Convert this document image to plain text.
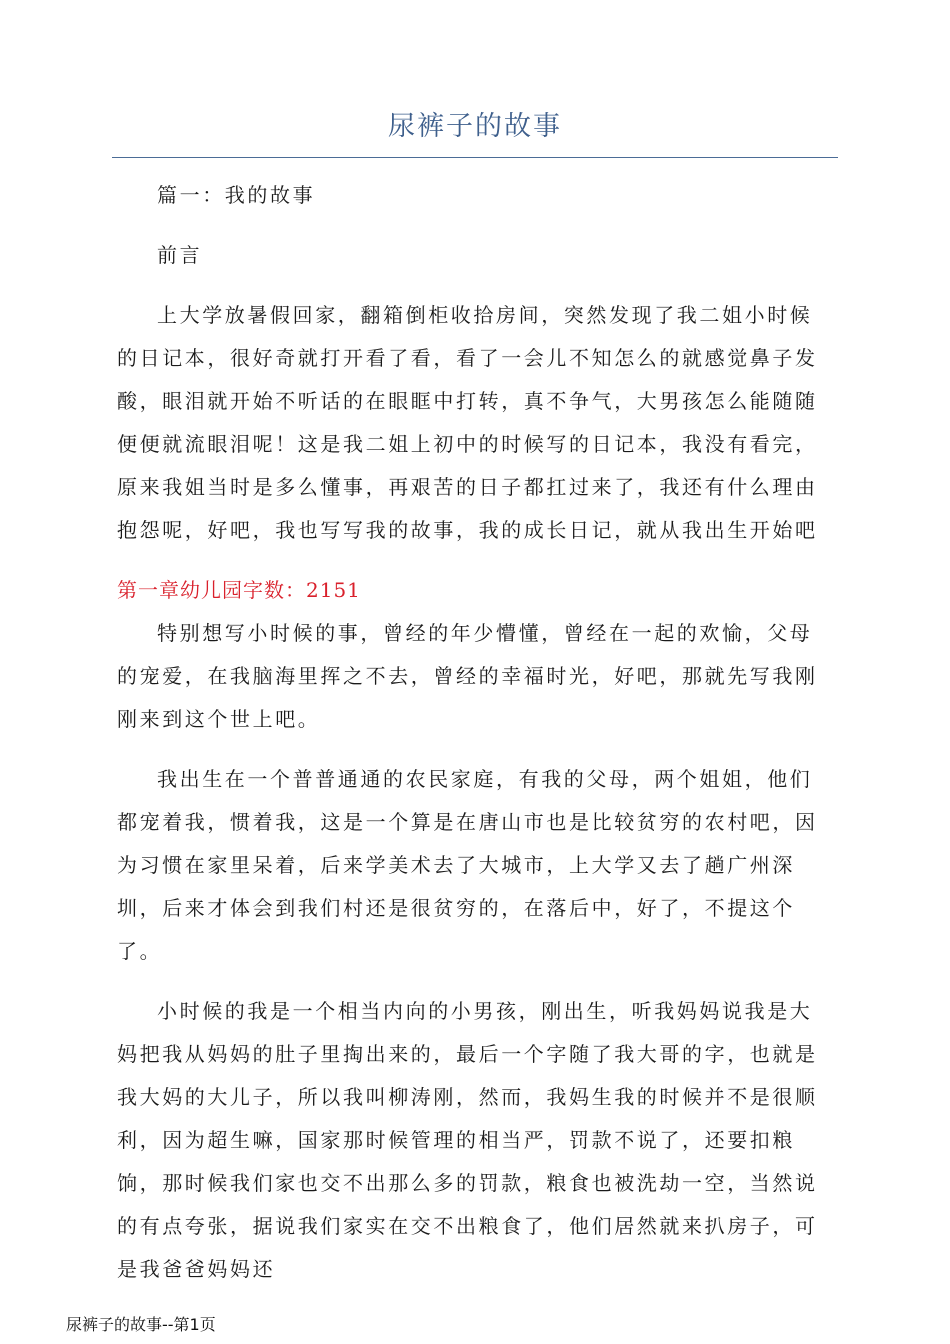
尿裤子的故事

篇一：我的故事

前言

上大学放暑假回家，翻箱倒柜收拾房间，突然发现了我二姐小时候的日记本，很好奇就打开看了看，看了一会儿不知怎么的就感觉鼻子发酸，眼泪就开始不听话的在眼眶中打转，真不争气，大男孩怎么能随随便便就流眼泪呢！这是我二姐上初中的时候写的日记本，我没有看完，原来我姐当时是多么懂事，再艰苦的日子都扛过来了，我还有什么理由抱怨呢，好吧，我也写写我的故事，我的成长日记，就从我出生开始吧

第一章幼儿园字数：2151

特别想写小时候的事，曾经的年少懵懂，曾经在一起的欢愉，父母的宠爱，在我脑海里挥之不去，曾经的幸福时光，好吧，那就先写我刚刚来到这个世上吧。

我出生在一个普普通通的农民家庭，有我的父母，两个姐姐，他们都宠着我，惯着我，这是一个算是在唐山市也是比较贫穷的农村吧，因为习惯在家里呆着，后来学美术去了大城市，上大学又去了趟广州深圳，后来才体会到我们村还是很贫穷的，在落后中，好了，不提这个了。

小时候的我是一个相当内向的小男孩，刚出生，听我妈妈说我是大妈把我从妈妈的肚子里掏出来的，最后一个字随了我大哥的字，也就是我大妈的大儿子，所以我叫柳涛刚，然而，我妈生我的时候并不是很顺利，因为超生嘛，国家那时候管理的相当严，罚款不说了，还要扣粮饷，那时候我们家也交不出那么多的罚款，粮食也被洗劫一空，当然说的有点夸张，据说我们家实在交不出粮食了，他们居然就来扒房子，可是我爸爸妈妈还

尿裤子的故事--第1页
